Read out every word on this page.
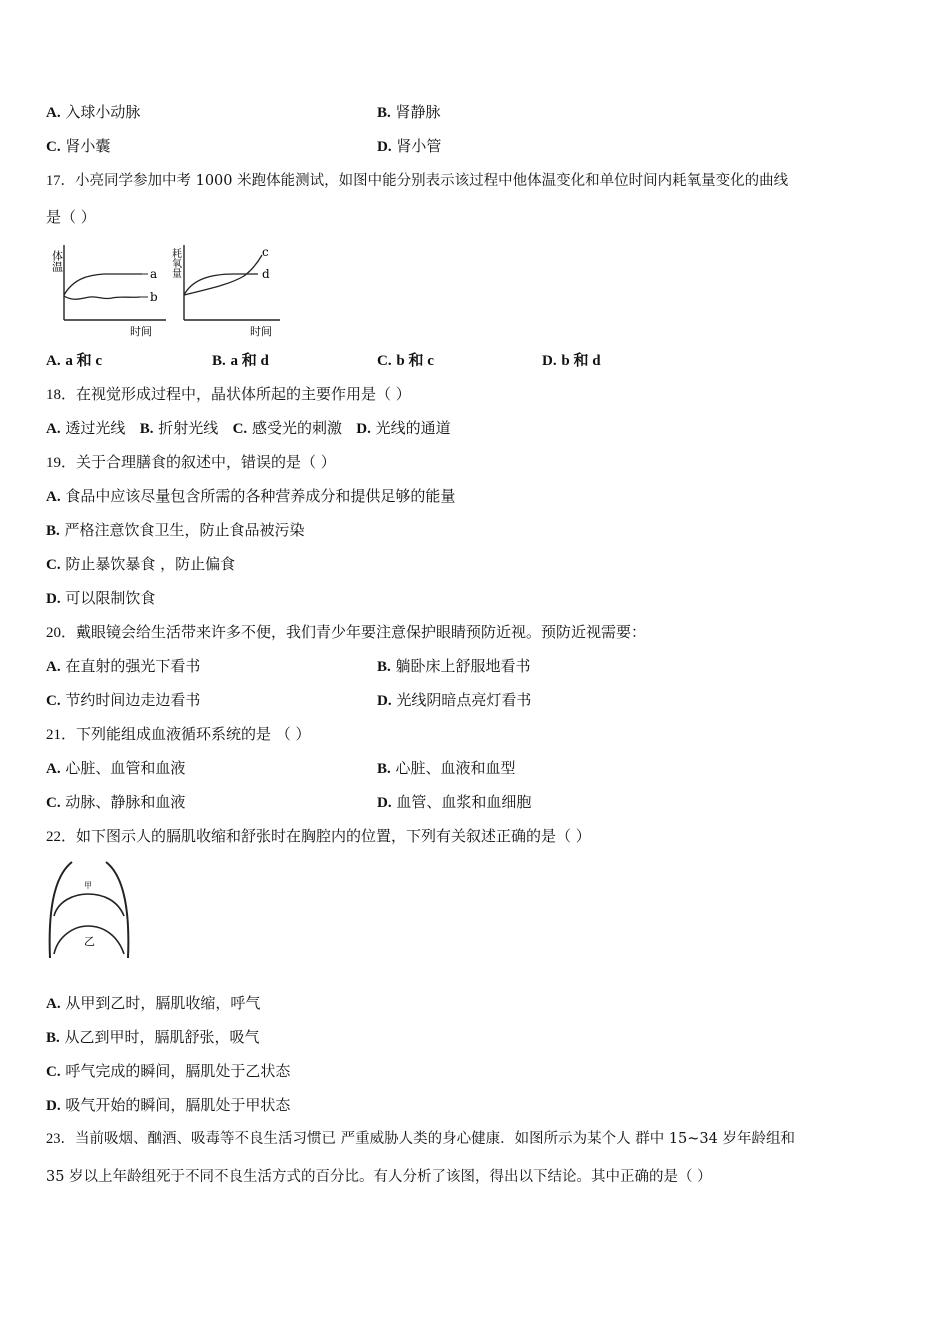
A. 入球小动脉	B. 肾静脉
C. 肾小囊	D. 肾小管
17．小亮同学参加中考 1000 米跑体能测试，如图中能分别表示该过程中他体温变化和单位时间内耗氧量变化的曲线
是（ ）
体温
时间
a
b
耗氧量
时间
c
d
A. a 和 c	B. a 和 d	C. b 和 c	D. b 和 d
18．在视觉形成过程中，晶状体所起的主要作用是（ ）
A. 透过光线 B. 折射光线 C. 感受光的刺激 D. 光线的通道
19．关于合理膳食的叙述中，错误的是（ ）
A. 食品中应该尽量包含所需的各种营养成分和提供足够的能量
B. 严格注意饮食卫生，防止食品被污染
C. 防止暴饮暴食 ，防止偏食
D. 可以限制饮食
20．戴眼镜会给生活带来许多不便，我们青少年要注意保护眼睛预防近视。预防近视需要：
A. 在直射的强光下看书	B. 躺卧床上舒服地看书
C. 节约时间边走边看书	D. 光线阴暗点亮灯看书
21．下列能组成血液循环系统的是 （ ）
A. 心脏、血管和血液	B. 心脏、血液和血型
C. 动脉、静脉和血液	D. 血管、血浆和血细胞
22．如下图示人的膈肌收缩和舒张时在胸腔内的位置，下列有关叙述正确的是（ ）
甲
乙
A. 从甲到乙时，膈肌收缩，呼气
B. 从乙到甲时，膈肌舒张，吸气
C. 呼气完成的瞬间，膈肌处于乙状态
D. 吸气开始的瞬间，膈肌处于甲状态
23．当前吸烟、酗酒、吸毒等不良生活习惯已 严重威胁人类的身心健康．如图所示为某个人 群中 15~34 岁年龄组和
35 岁以上年龄组死于不同不良生活方式的百分比。有人分析了该图，得出以下结论。其中正确的是（ ）
